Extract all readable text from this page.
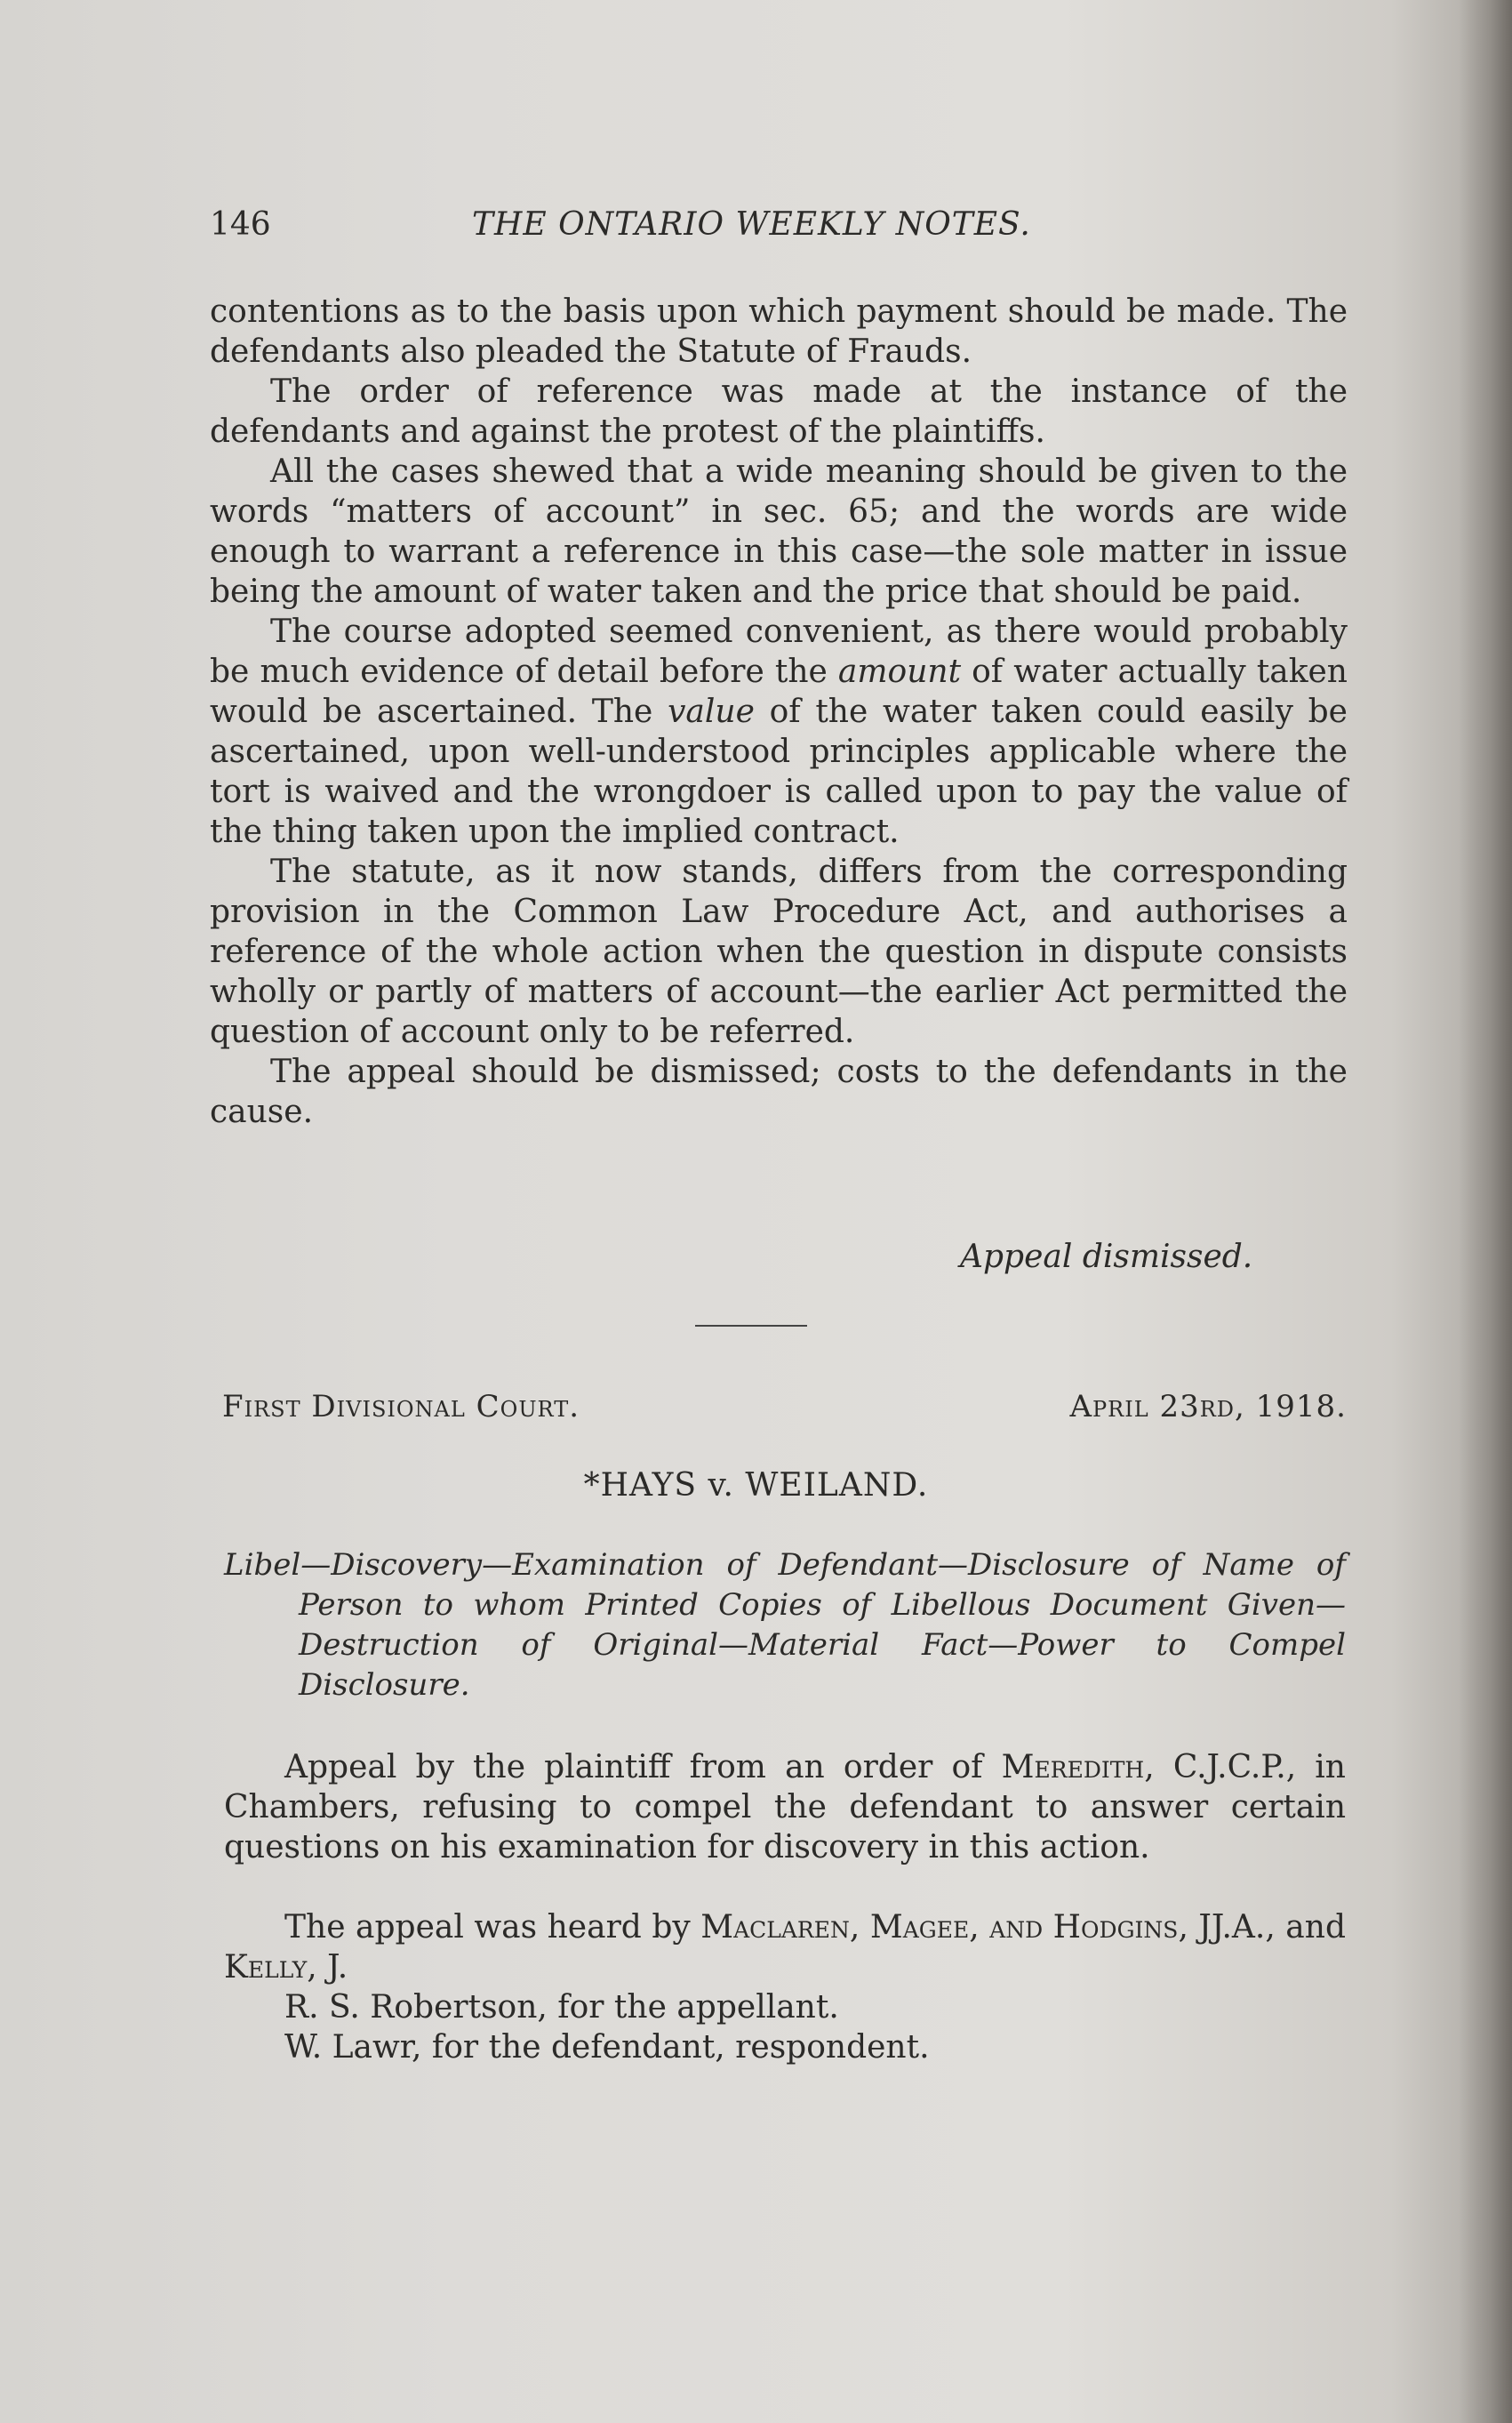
146	THE ONTARIO WEEKLY NOTES.

contentions as to the basis upon which payment should be made. The defendants also pleaded the Statute of Frauds.

The order of reference was made at the instance of the defendants and against the protest of the plaintiffs.

All the cases shewed that a wide meaning should be given to the words “matters of account” in sec. 65; and the words are wide enough to warrant a reference in this case—the sole matter in issue being the amount of water taken and the price that should be paid.

The course adopted seemed convenient, as there would probably be much evidence of detail before the amount of water actually taken would be ascertained. The value of the water taken could easily be ascertained, upon well-understood principles applicable where the tort is waived and the wrongdoer is called upon to pay the value of the thing taken upon the implied contract.

The statute, as it now stands, differs from the corresponding provision in the Common Law Procedure Act, and authorises a reference of the whole action when the question in dispute consists wholly or partly of matters of account—the earlier Act permitted the question of account only to be referred.

The appeal should be dismissed; costs to the defendants in the cause.

Appeal dismissed.
First Divisional Court.	April 23rd, 1918.
*HAYS v. WEILAND.

Libel—Discovery—Examination of Defendant—Disclosure of Name of Person to whom Printed Copies of Libellous Document Given—Destruction of Original—Material Fact—Power to Compel Disclosure.

Appeal by the plaintiff from an order of Meredith, C.J.C.P., in Chambers, refusing to compel the defendant to answer certain questions on his examination for discovery in this action.

The appeal was heard by Maclaren, Magee, and Hodgins, JJ.A., and Kelly, J.

R. S. Robertson, for the appellant.

W. Lawr, for the defendant, respondent.
